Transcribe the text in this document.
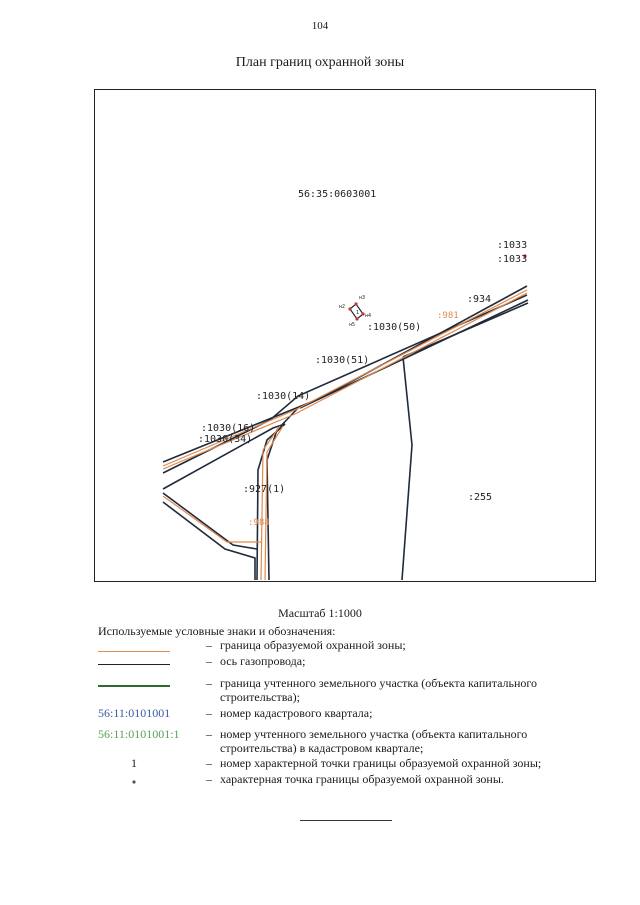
104
План границ охранной зоны
1
н2
н3
н4
н5
56:35:0603001
:1033
:1033
:934
:981
:1030(50)
:1030(51)
:1030(14)
:1030(16)
:1030(34)
:927(1)
:984
:255
Масштаб 1:1000
Используемые условные знаки и обозначения:
– граница образуемой охранной зоны;
– ось газопровода;
– граница учтенного земельного участка (объекта капитального строительства);
56:11:0101001	– номер кадастрового квартала;
56:11:0101001:1 – номер учтенного земельного участка (объекта капитального строительства) в кадастровом квартале;
1	– номер характерной точки границы образуемой охранной зоны;
– характерная точка границы образуемой охранной зоны.
